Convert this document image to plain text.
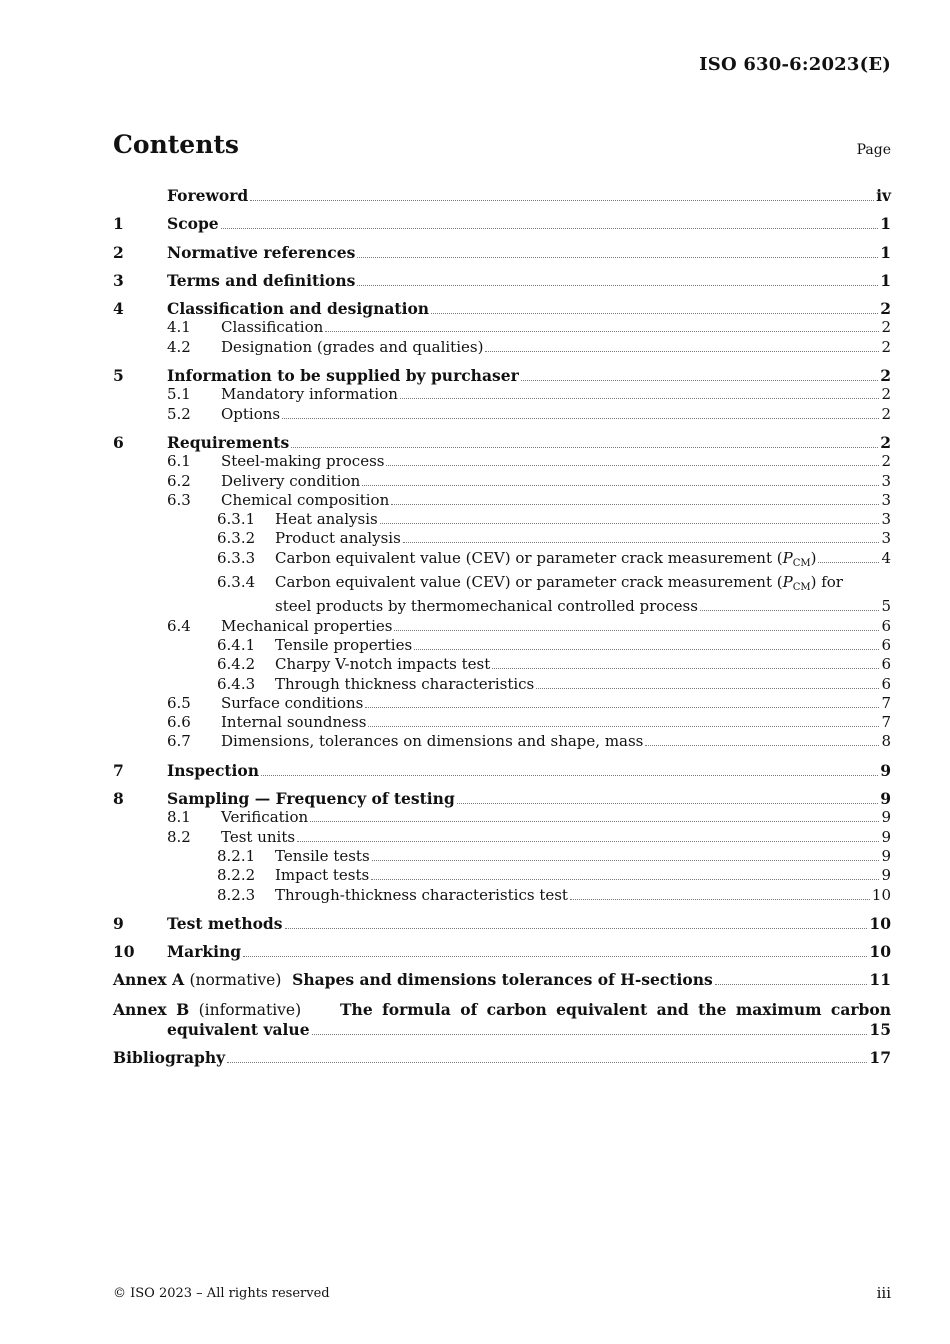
ISO 630-6:2023(E)
Contents	Page
Foreword	iv
1	Scope	1
2	Normative references	1
3	Terms and definitions	1
4	Classification and designation	2
4.1	Classification	2
4.2	Designation (grades and qualities)	2
5	Information to be supplied by purchaser	2
5.1	Mandatory information	2
5.2	Options	2
6	Requirements	2
6.1	Steel-making process	2
6.2	Delivery condition	3
6.3	Chemical composition	3
6.3.1	Heat analysis	3
6.3.2	Product analysis	3
6.3.3	Carbon equivalent value (CEV) or parameter crack measurement $(P_{CM})$	4
6.3.4	Carbon equivalent value (CEV) or parameter crack measurement $(P_{CM})$ for
steel products by thermomechanical controlled process	5
6.4	Mechanical properties	6
6.4.1	Tensile properties	6
6.4.2	Charpy V-notch impacts test	6
6.4.3	Through thickness characteristics	6
6.5	Surface conditions	7
6.6	Internal soundness	7
6.7	Dimensions, tolerances on dimensions and shape, mass	8
7	Inspection	9
8	Sampling — Frequency of testing	9
8.1	Verification	9
8.2	Test units	9
8.2.1	Tensile tests	9
8.2.2	Impact tests	9
8.2.3	Through-thickness characteristics test	10
9	Test methods	10
10	Marking	10
Annex A (normative) Shapes and dimensions tolerances of H-sections	11
Annex B (informative)	The formula of carbon equivalent and the maximum carbon
equivalent value	15
Bibliography	17
© ISO 2023 – All rights reserved	iii
